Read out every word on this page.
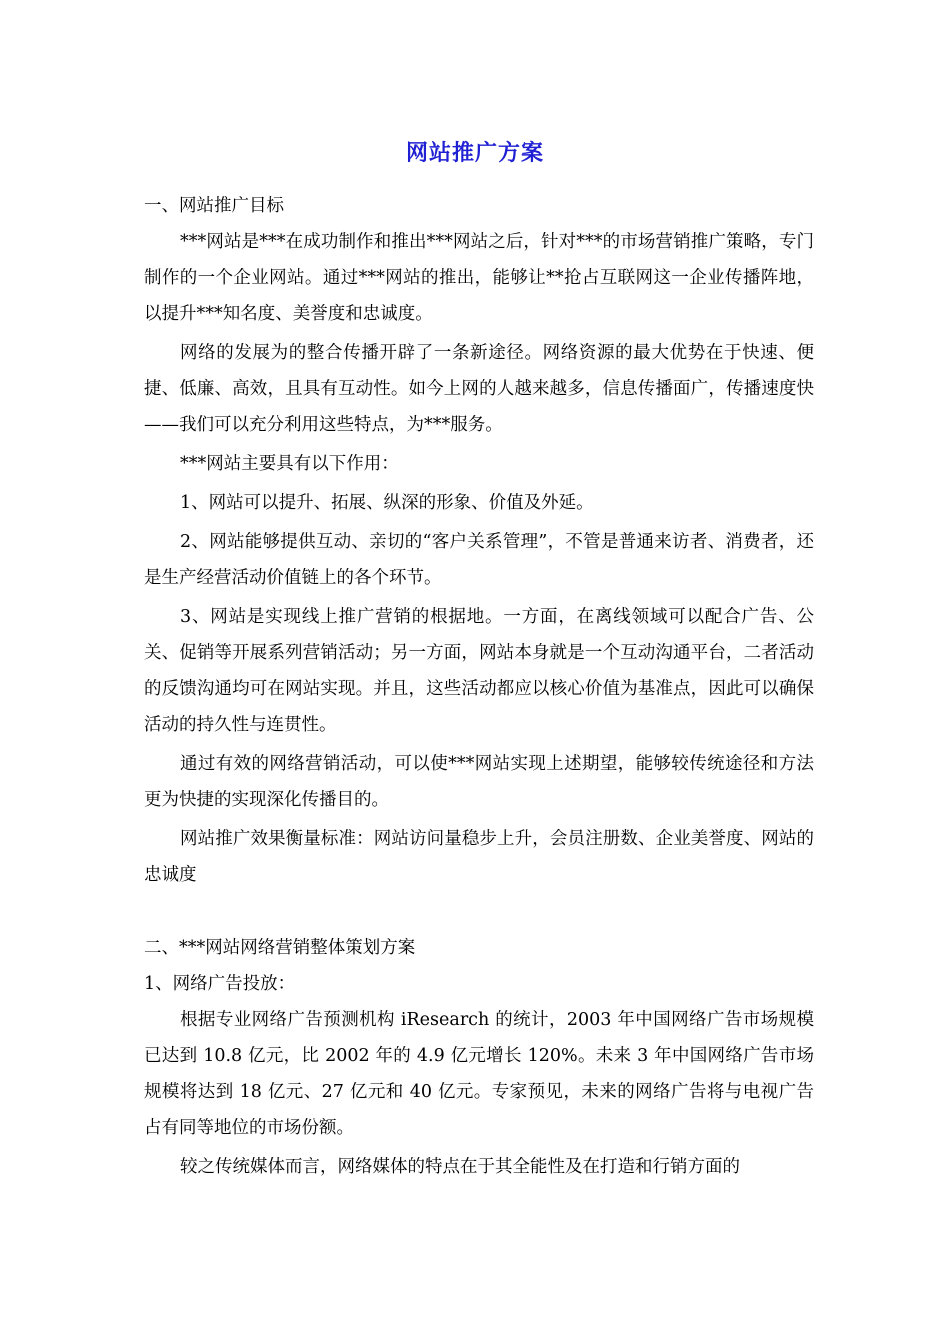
网站推广方案

一、网站推广目标

***网站是***在成功制作和推出***网站之后，针对***的市场营销推广策略，专门制作的一个企业网站。通过***网站的推出，能够让**抢占互联网这一企业传播阵地，以提升***知名度、美誉度和忠诚度。

网络的发展为的整合传播开辟了一条新途径。网络资源的最大优势在于快速、便捷、低廉、高效，且具有互动性。如今上网的人越来越多，信息传播面广，传播速度快——我们可以充分利用这些特点，为***服务。

***网站主要具有以下作用：

1、网站可以提升、拓展、纵深的形象、价值及外延。

2、网站能够提供互动、亲切的“客户关系管理”，不管是普通来访者、消费者，还是生产经营活动价值链上的各个环节。

3、网站是实现线上推广营销的根据地。一方面，在离线领域可以配合广告、公关、促销等开展系列营销活动；另一方面，网站本身就是一个互动沟通平台，二者活动的反馈沟通均可在网站实现。并且，这些活动都应以核心价值为基准点，因此可以确保活动的持久性与连贯性。

通过有效的网络营销活动，可以使***网站实现上述期望，能够较传统途径和方法更为快捷的实现深化传播目的。

网站推广效果衡量标准：网站访问量稳步上升，会员注册数、企业美誉度、网站的忠诚度

二、***网站网络营销整体策划方案

1、网络广告投放：

根据专业网络广告预测机构 iResearch 的统计，2003 年中国网络广告市场规模已达到 10.8 亿元，比 2002 年的 4.9 亿元增长 120%。未来 3 年中国网络广告市场规模将达到 18 亿元、27 亿元和 40 亿元。专家预见，未来的网络广告将与电视广告占有同等地位的市场份额。

较之传统媒体而言，网络媒体的特点在于其全能性及在打造和行销方面的
